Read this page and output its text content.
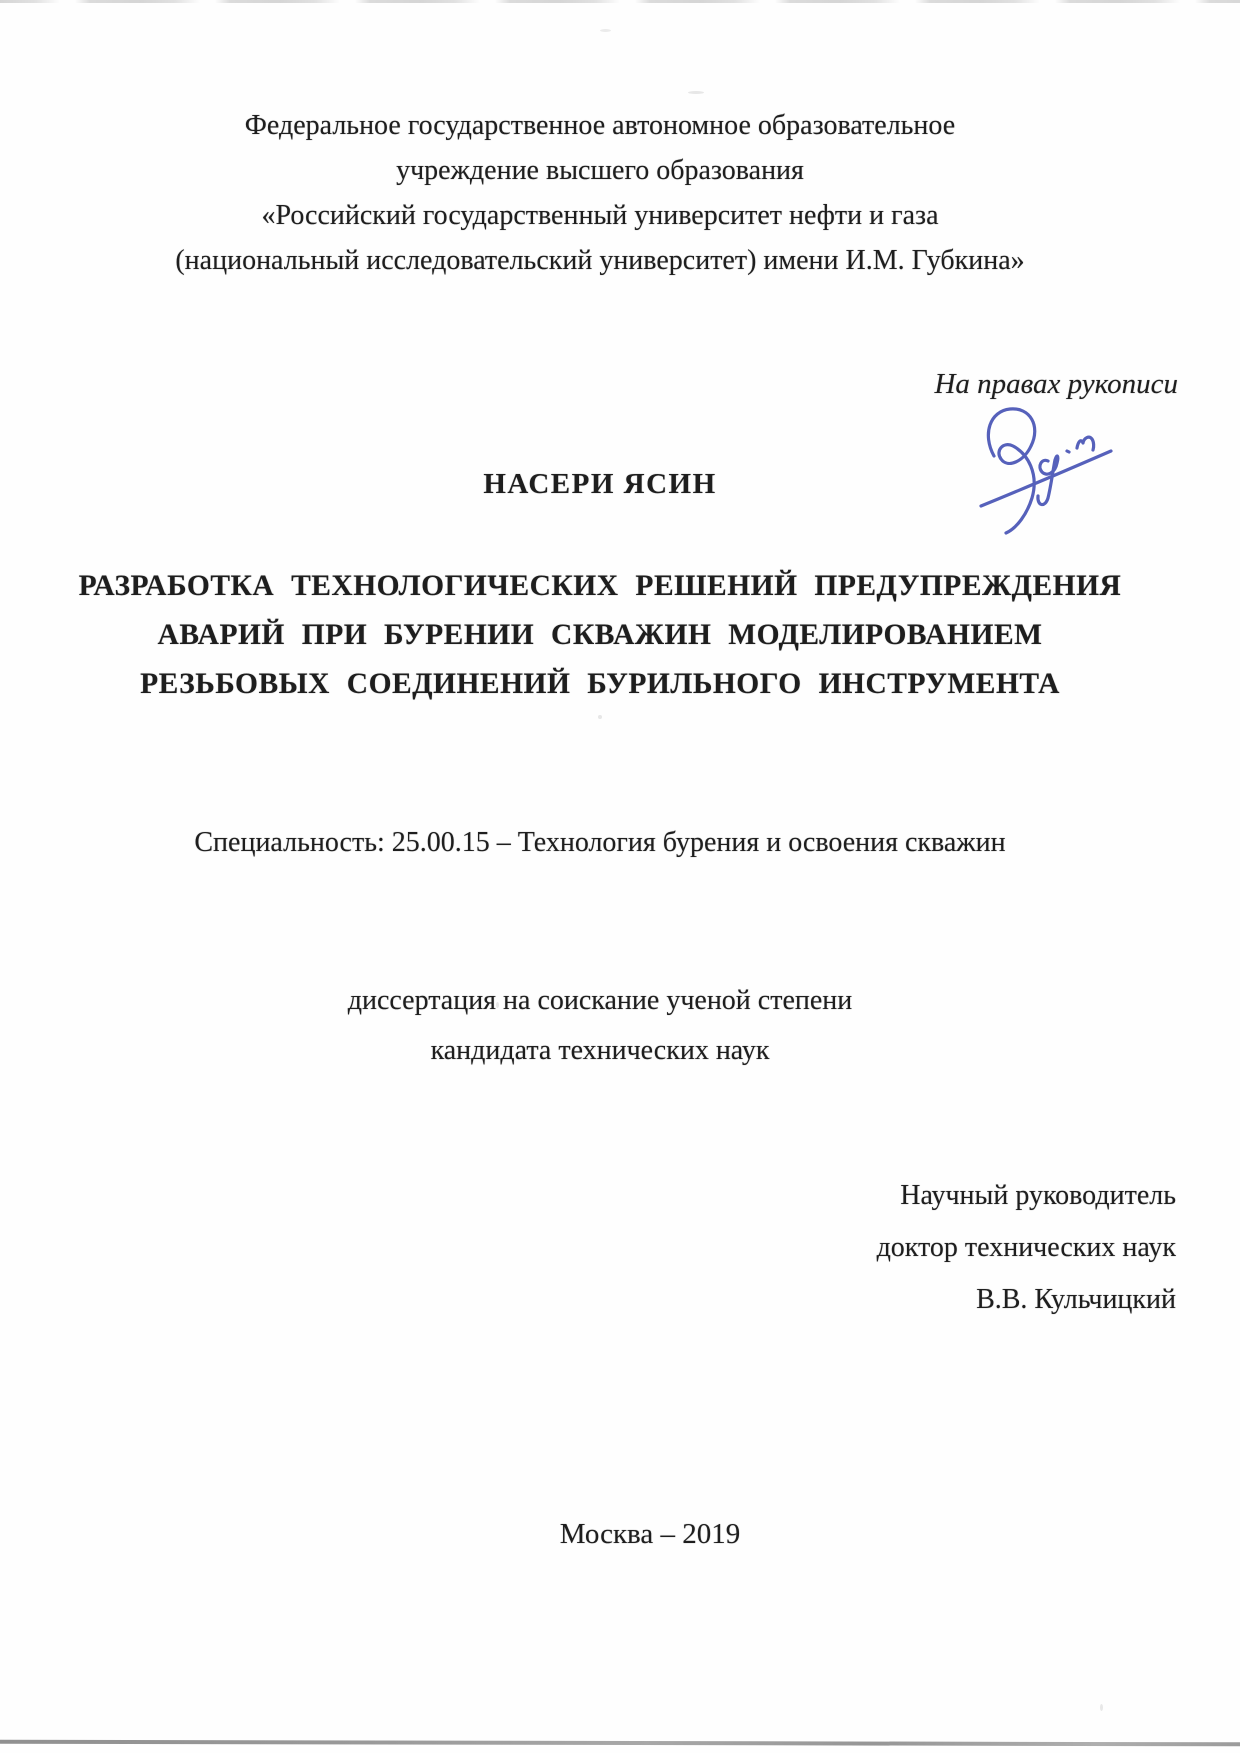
Федеральное государственное автономное образовательное
учреждение высшего образования
«Российский государственный университет нефти и газа
(национальный исследовательский университет) имени И.М. Губкина»
На правах рукописи
НАСЕРИ ЯСИН
РАЗРАБОТКА ТЕХНОЛОГИЧЕСКИХ РЕШЕНИЙ ПРЕДУПРЕЖДЕНИЯ
АВАРИЙ ПРИ БУРЕНИИ СКВАЖИН МОДЕЛИРОВАНИЕМ
РЕЗЬБОВЫХ СОЕДИНЕНИЙ БУРИЛЬНОГО ИНСТРУМЕНТА
Специальность: 25.00.15 – Технология бурения и освоения скважин
диссертация на соискание ученой степени
кандидата технических наук
Научный руководитель
доктор технических наук
В.В. Кульчицкий
Москва – 2019
